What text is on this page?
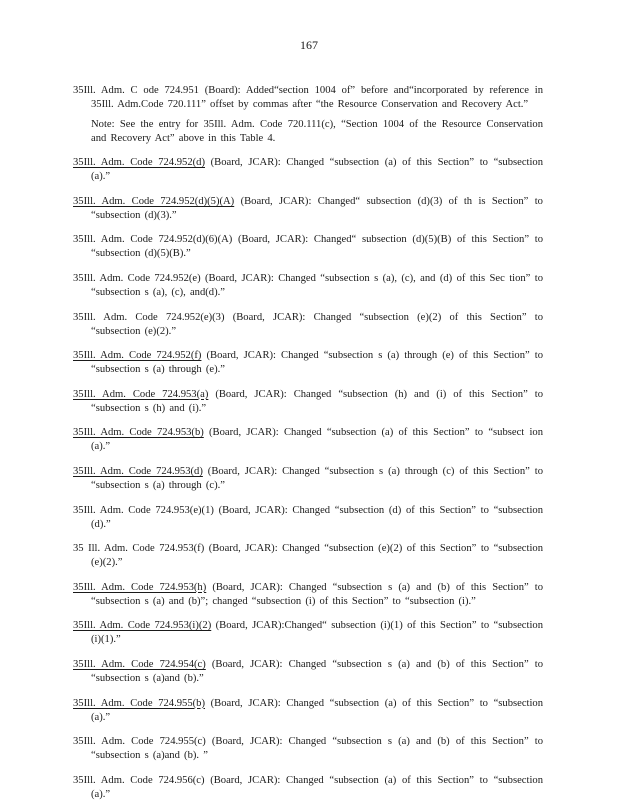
167

35Ill. Adm. C ode 724.951 (Board): Added“section 1004 of” before and“incorporated by reference in 35Ill. Adm.Code 720.111” offset by commas after “the Resource Conservation and Recovery Act.”

Note: See the entry for 35Ill. Adm. Code 720.111(c), “Section 1004 of the Resource Conservation and Recovery Act” above in this Table 4.

35Ill. Adm. Code 724.952(d) (Board, JCAR): Changed “subsection (a) of this Section” to “subsection (a).”

35Ill. Adm. Code 724.952(d)(5)(A) (Board, JCAR): Changed“ subsection (d)(3) of th is Section” to “subsection (d)(3).”

35Ill. Adm. Code 724.952(d)(6)(A) (Board, JCAR): Changed“ subsection (d)(5)(B) of this Section” to “subsection (d)(5)(B).”

35Ill. Adm. Code 724.952(e) (Board, JCAR): Changed “subsection s (a), (c), and (d) of this Sec tion” to “subsection s (a), (c), and(d).”

35Ill. Adm. Code 724.952(e)(3) (Board, JCAR): Changed “subsection (e)(2) of this Section” to “subsection (e)(2).”

35Ill. Adm. Code 724.952(f) (Board, JCAR): Changed “subsection s (a) through (e) of this Section” to “subsection s (a) through (e).”

35Ill. Adm. Code 724.953(a) (Board, JCAR): Changed “subsection (h) and (i) of this Section” to “subsection s (h) and (i).”

35Ill. Adm. Code 724.953(b) (Board, JCAR): Changed “subsection (a) of this Section” to “subsect ion (a).”

35Ill. Adm. Code 724.953(d) (Board, JCAR): Changed “subsection s (a) through (c) of this Section” to “subsection s (a) through (c).”

35Ill. Adm. Code 724.953(e)(1) (Board, JCAR): Changed “subsection (d) of this Section” to “subsection (d).”

35 Ill. Adm. Code 724.953(f) (Board, JCAR): Changed “subsection (e)(2) of this Section” to “subsection (e)(2).”

35Ill. Adm. Code 724.953(h) (Board, JCAR): Changed “subsection s (a) and (b) of this Section” to “subsection s (a) and (b)”; changed “subsection (i) of this Section” to “subsection (i).”

35Ill. Adm. Code 724.953(i)(2) (Board, JCAR):Changed“ subsection (i)(1) of this Section” to “subsection (i)(1).”

35Ill. Adm. Code 724.954(c) (Board, JCAR): Changed “subsection s (a) and (b) of this Section” to “subsection s (a)and (b).”

35Ill. Adm. Code 724.955(b) (Board, JCAR): Changed “subsection (a) of this Section” to “subsection (a).”

35Ill. Adm. Code 724.955(c) (Board, JCAR): Changed “subsection s (a) and (b) of this Section” to “subsection s (a)and (b). ”

35Ill. Adm. Code 724.956(c) (Board, JCAR): Changed “subsection (a) of this Section” to “subsection (a).”
